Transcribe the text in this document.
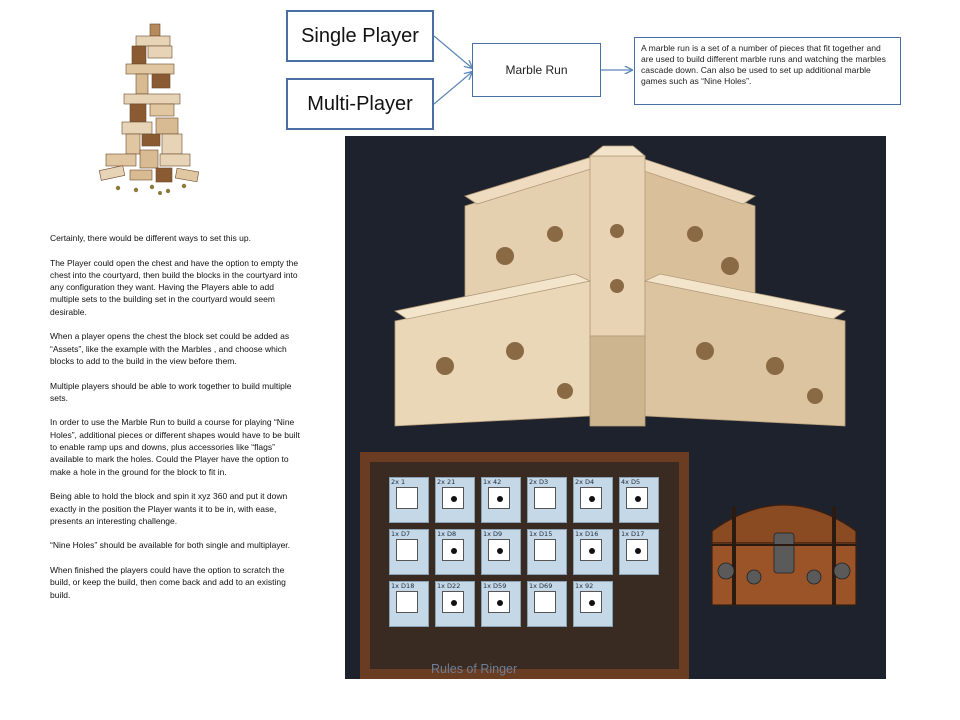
Single Player
Multi-Player
Marble Run
A marble run is a set of a number of pieces that fit together and are used to build different marble runs and watching the marbles cascade down. Can also be used to set up additional marble games such as “Nine Holes”.

Certainly, there would be different ways to set this up.

The Player could open the chest and have the option to empty the chest into the courtyard, then build the blocks in the courtyard into any configuration they want. Having the Players able to add multiple sets to the building set in the courtyard would seem desirable.

When a player opens the chest the block set could be added as “Assets”, like the example with the Marbles , and choose which blocks to add to the build in the view before them.

Multiple players should be able to work together to build multiple sets.

In order to use the Marble Run to build a course for playing “Nine Holes”, additional pieces or different shapes would have to be built to enable ramp ups and downs, plus accessories like “flags” available to mark the holes. Could the Player have the option to make a hole in the ground for the block to fit in.

Being able to hold the block and spin it xyz 360 and put it down exactly in the position the Player wants it to be in, with ease, presents an interesting challenge.

“Nine Holes” should be available for both single and multiplayer.

When finished the players could have the option to scratch the build, or keep the build, then come back and add to an existing build.

2x 1	2x 21	1x 42	2x D3	2x D4	4x D5
1x D7	1x D8	1x D9	1x D15	1x D16	1x D17
1x D18	1x D22	1x D59	1x D69	1x 92
Rules of Ringer
